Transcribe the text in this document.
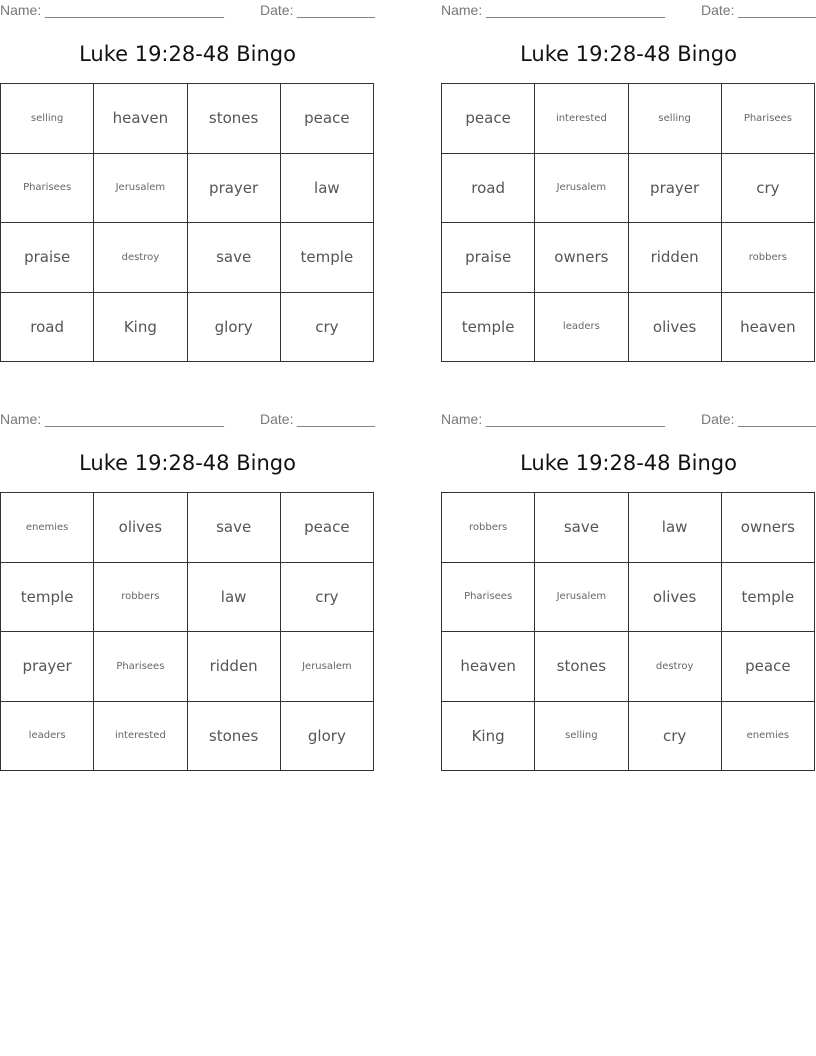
Name: _______________________	Date: __________
Luke 19:28-48 Bingo
selling	heaven	stones	peace
Pharisees	Jerusalem	prayer	law
praise	destroy	save	temple
road	King	glory	cry
Name: _______________________	Date: __________
Luke 19:28-48 Bingo
peace	interested	selling	Pharisees
road	Jerusalem	prayer	cry
praise	owners	ridden	robbers
temple	leaders	olives	heaven
Name: _______________________	Date: __________
Luke 19:28-48 Bingo
enemies	olives	save	peace
temple	robbers	law	cry
prayer	Pharisees	ridden	Jerusalem
leaders	interested	stones	glory
Name: _______________________	Date: __________
Luke 19:28-48 Bingo
robbers	save	law	owners
Pharisees	Jerusalem	olives	temple
heaven	stones	destroy	peace
King	selling	cry	enemies
